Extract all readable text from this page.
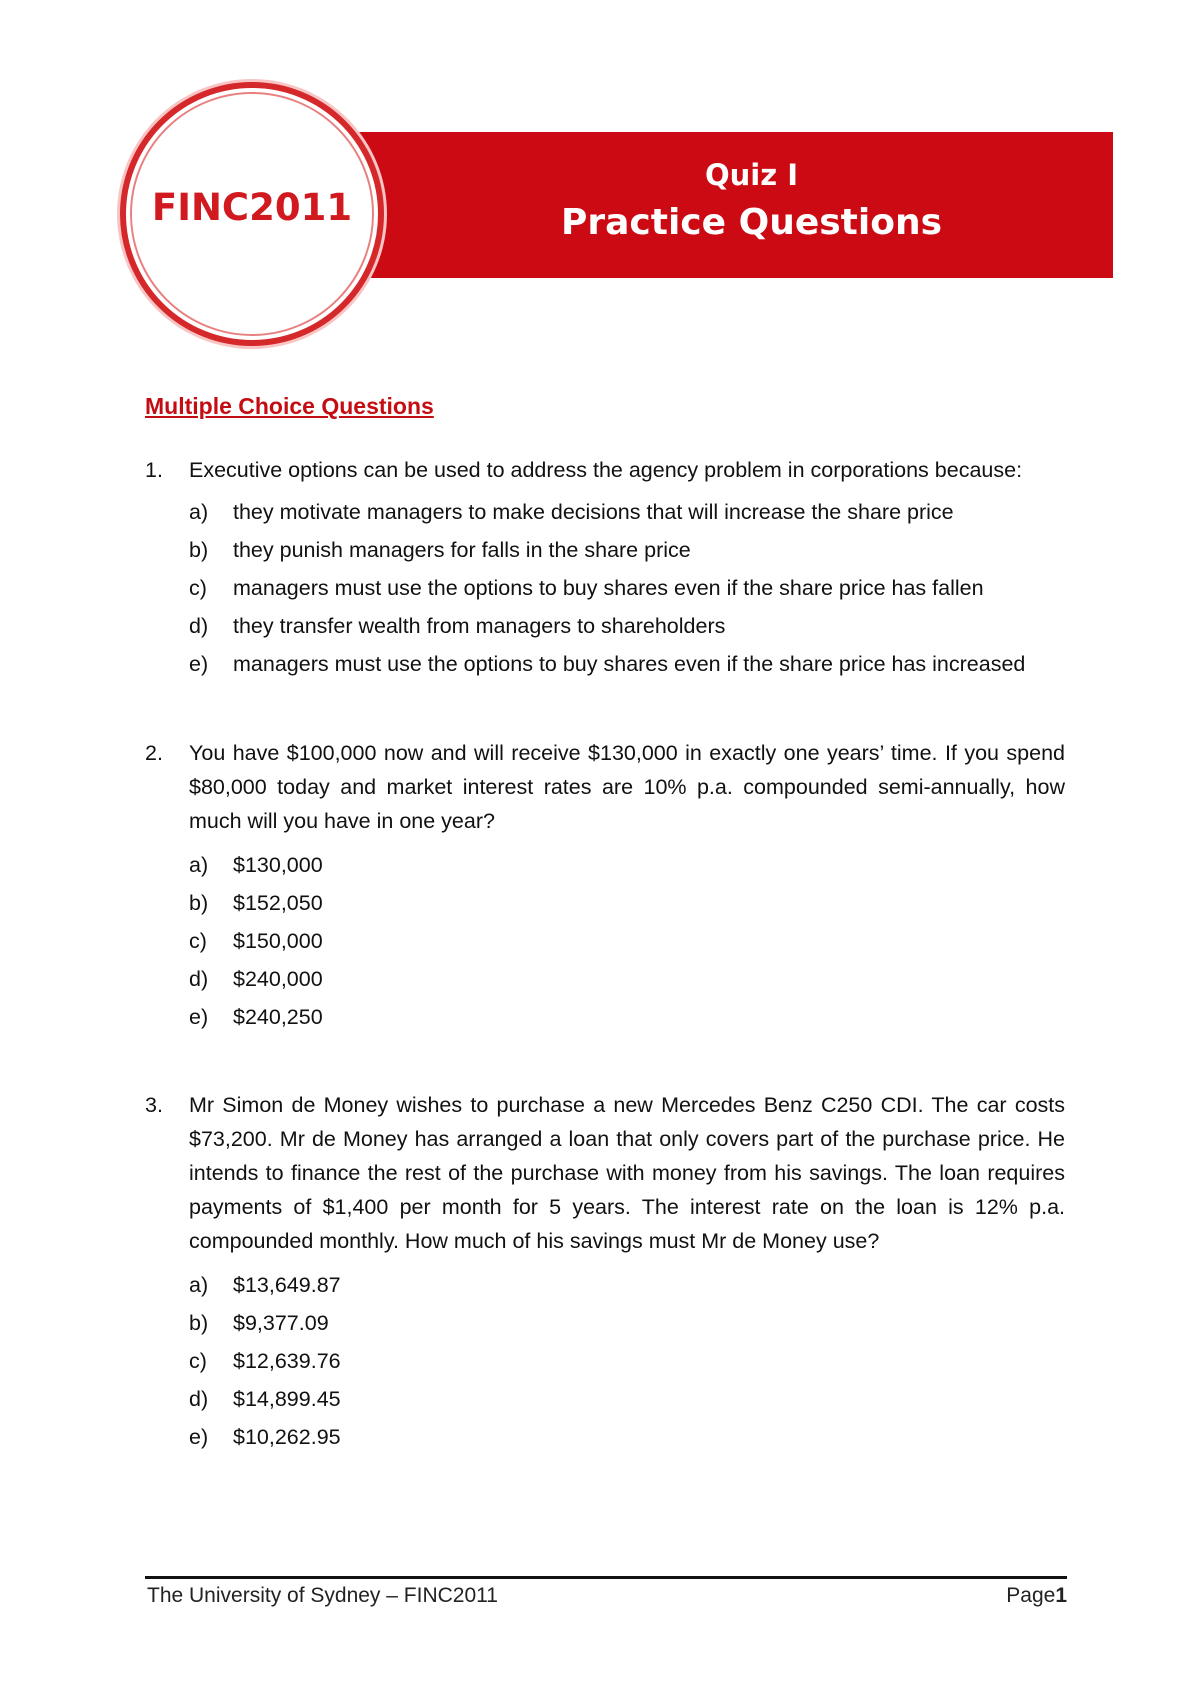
Quiz I
Practice Questions
FINC2011
Multiple Choice Questions
1.	Executive options can be used to address the agency problem in corporations because:
a)	they motivate managers to make decisions that will increase the share price
b)	they punish managers for falls in the share price
c)	managers must use the options to buy shares even if the share price has fallen
d)	they transfer wealth from managers to shareholders
e)	managers must use the options to buy shares even if the share price has increased
2.	You have $100,000 now and will receive $130,000 in exactly one years’ time. If you spend $80,000 today and market interest rates are 10% p.a. compounded semi-annually, how much will you have in one year?
a)	$130,000
b)	$152,050
c)	$150,000
d)	$240,000
e)	$240,250
3.	Mr Simon de Money wishes to purchase a new Mercedes Benz C250 CDI. The car costs $73,200. Mr de Money has arranged a loan that only covers part of the purchase price. He intends to finance the rest of the purchase with money from his savings. The loan requires payments of $1,400 per month for 5 years. The interest rate on the loan is 12% p.a. compounded monthly. How much of his savings must Mr de Money use?
a)	$13,649.87
b)	$9,377.09
c)	$12,639.76
d)	$14,899.45
e)	$10,262.95
The University of Sydney – FINC2011	Page1
